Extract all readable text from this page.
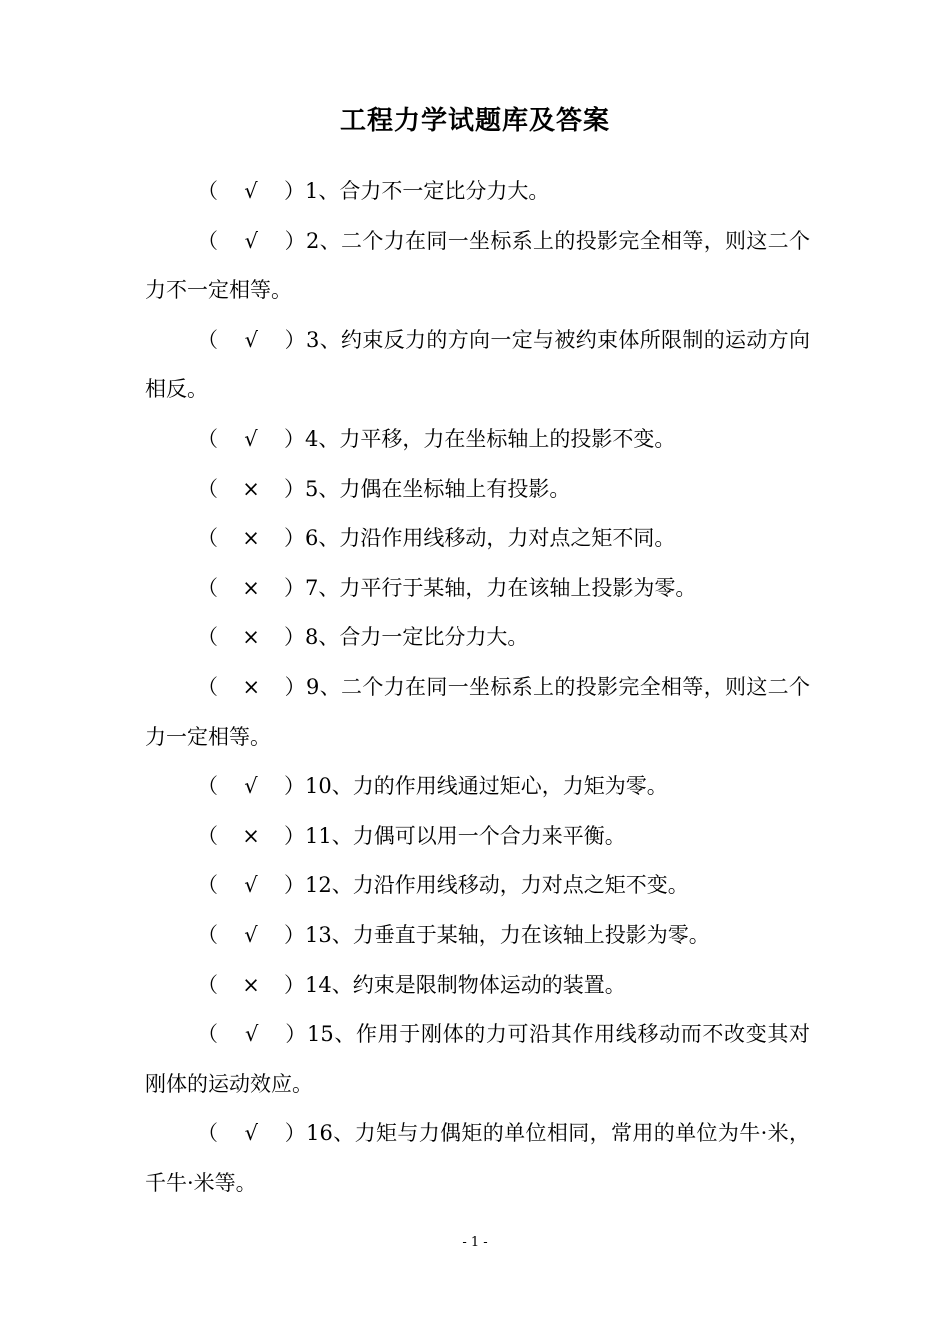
工程力学试题库及答案

（ √ ）1、合力不一定比分力大。

（ √ ）2、二个力在同一坐标系上的投影完全相等，则这二个力不一定相等。

（ √ ）3、约束反力的方向一定与被约束体所限制的运动方向相反。

（ √ ）4、力平移，力在坐标轴上的投影不变。

（ × ）5、力偶在坐标轴上有投影。

（ × ）6、力沿作用线移动，力对点之矩不同。

（ × ）7、力平行于某轴，力在该轴上投影为零。

（ × ）8、合力一定比分力大。

（ × ）9、二个力在同一坐标系上的投影完全相等，则这二个力一定相等。

（ √ ）10、力的作用线通过矩心，力矩为零。

（ × ）11、力偶可以用一个合力来平衡。

（ √ ）12、力沿作用线移动，力对点之矩不变。

（ √ ）13、力垂直于某轴，力在该轴上投影为零。

（ × ）14、约束是限制物体运动的装置。

（ √ ）15、作用于刚体的力可沿其作用线移动而不改变其对刚体的运动效应。

（ √ ）16、力矩与力偶矩的单位相同，常用的单位为牛·米，千牛·米等。

- 1 -
